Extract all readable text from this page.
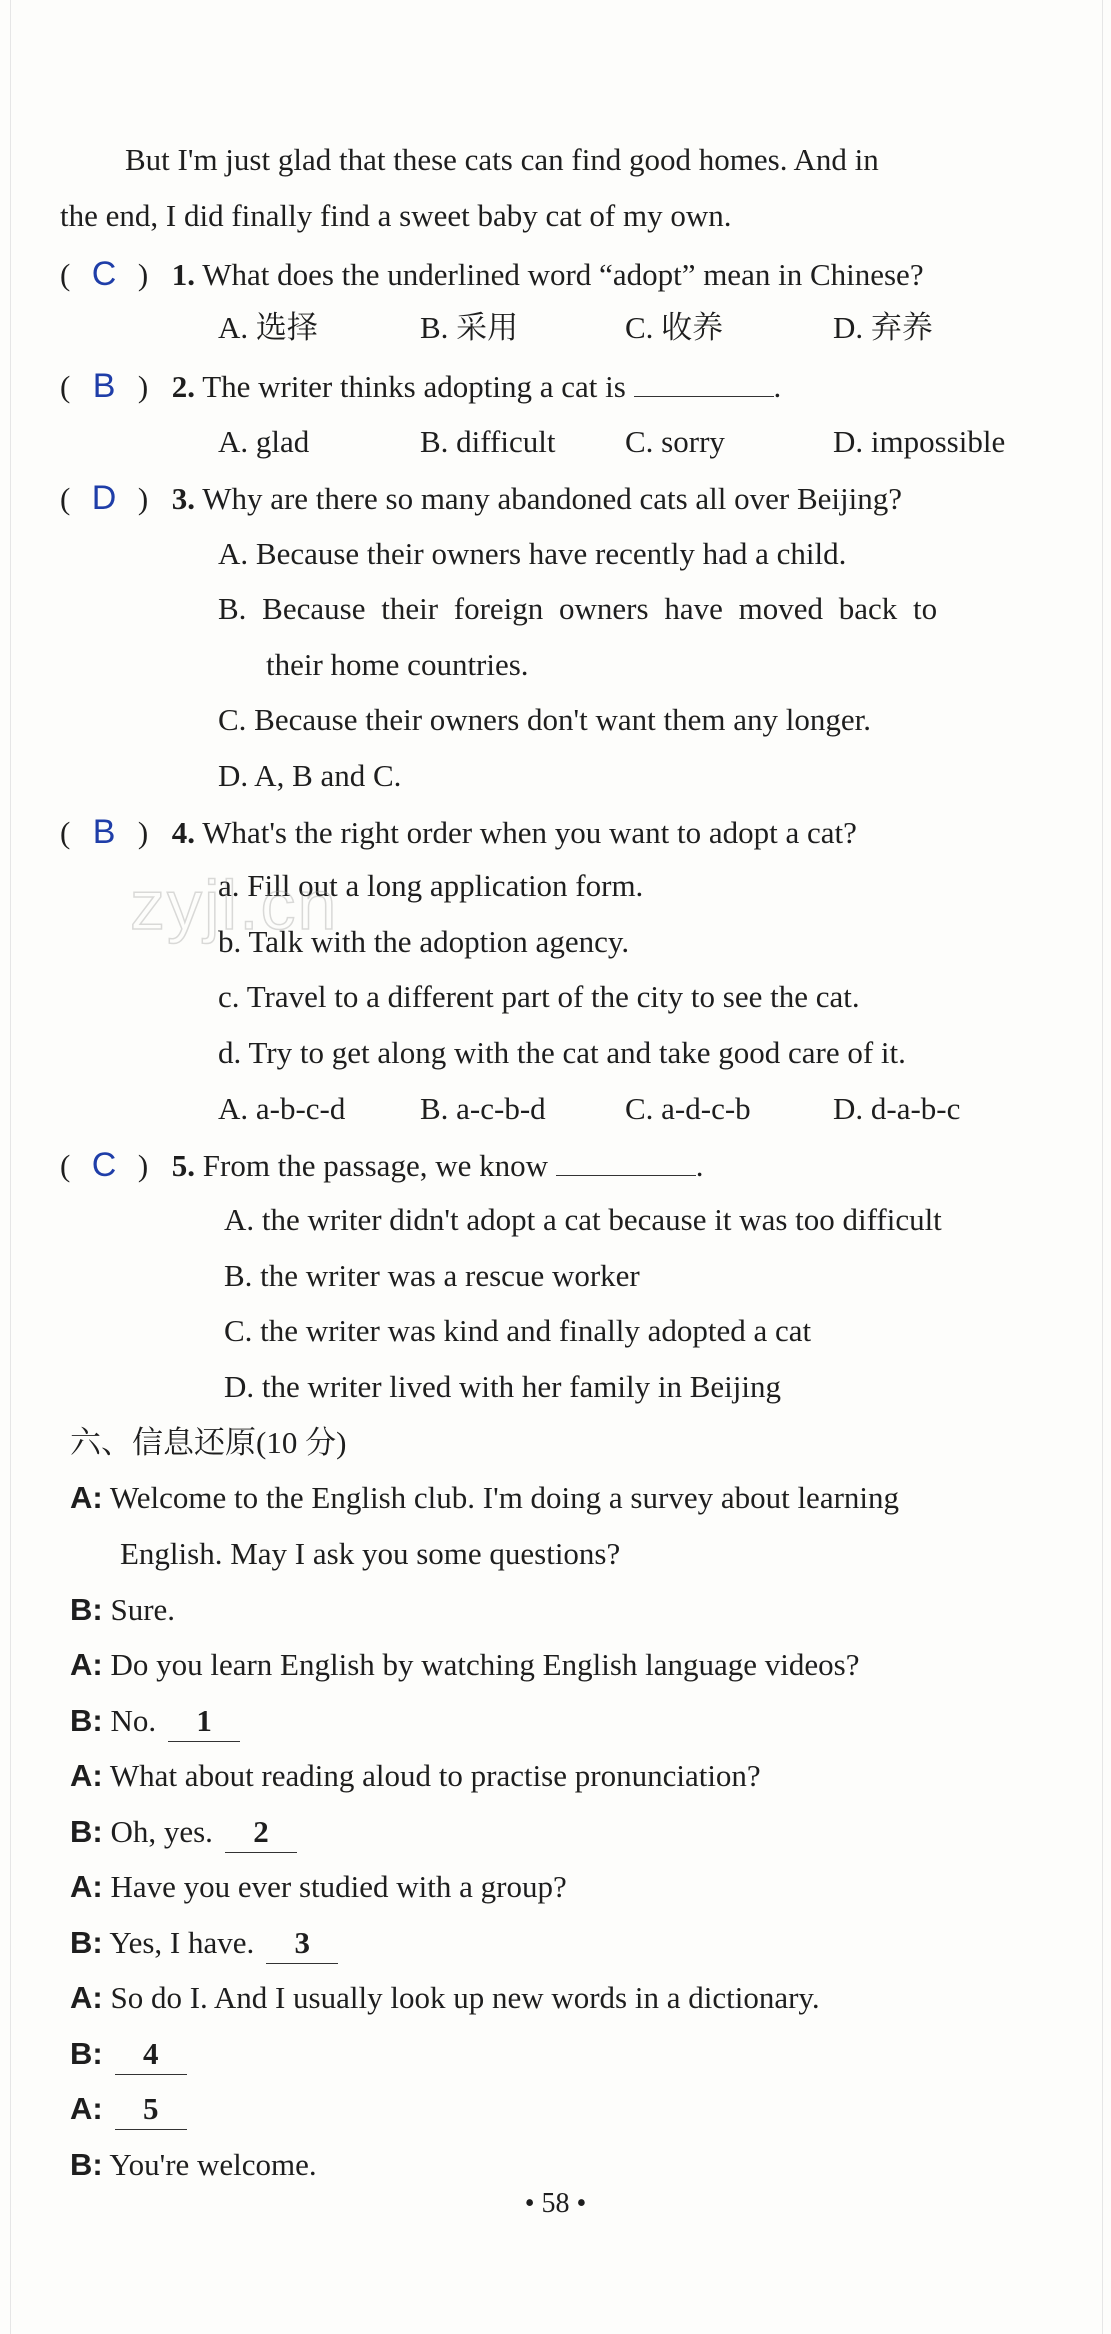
But I'm just glad that these cats can find good homes. And in
the end, I did finally find a sweet baby cat of my own.
( C ) 1. What does the underlined word “adopt” mean in Chinese?
A. 选择	B. 采用	C. 收养	D. 弃养
( B ) 2. The writer thinks adopting a cat is	.
A. glad	B. difficult C. sorry	D. impossible
( D ) 3. Why are there so many abandoned cats all over Beijing?
A. Because their owners have recently had a child.
B. Because their foreign owners have moved back to
their home countries.
C. Because their owners don't want them any longer.
D. A, B and C.
( B ) 4. What's the right order when you want to adopt a cat?
a. Fill out a long application form.
b. Talk with the adoption agency.
c. Travel to a different part of the city to see the cat.
d. Try to get along with the cat and take good care of it.
A. a-b-c-d B. a-c-b-d	C. a-d-c-b	D. d-a-b-c
zyjl.cn
( C ) 5. From the passage, we know	.
A. the writer didn't adopt a cat because it was too difficult
B. the writer was a rescue worker
C. the writer was kind and finally adopted a cat
D. the writer lived with her family in Beijing
六、信息还原(10 分)
A: Welcome to the English club. I'm doing a survey about learning
English. May I ask you some questions?
B: Sure.
A: Do you learn English by watching English language videos?
B: No. 1
A: What about reading aloud to practise pronunciation?
B: Oh, yes. 2
A: Have you ever studied with a group?
B: Yes, I have. 3
A: So do I. And I usually look up new words in a dictionary.
B: 4
A: 5
B: You're welcome.
• 58 •
